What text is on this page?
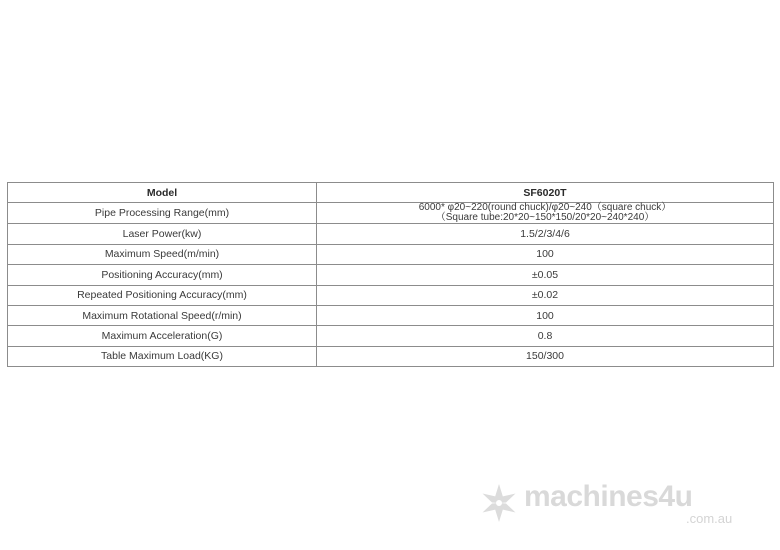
Model	SF6020T
Pipe Processing Range(mm)	6000* φ20~220(round chuck)/φ20~240（square chuck）
（Square tube:20*20~150*150/20*20~240*240）

Laser Power(kw)	1.5/2/3/4/6
Maximum Speed(m/min)	100
Positioning Accuracy(mm)	±0.05
Repeated Positioning Accuracy(mm)	±0.02
Maximum Rotational Speed(r/min)	100
Maximum Acceleration(G)	0.8
Table Maximum Load(KG)	150/300
machines4u
.com.au
